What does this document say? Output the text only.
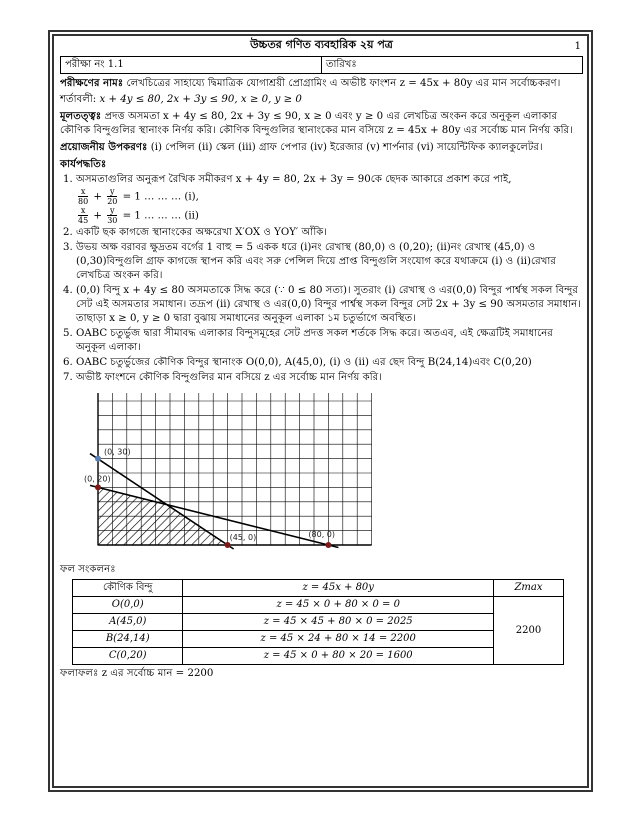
উচ্চতর গণিত ব্যবহারিক ২য় পত্র	1
পরীক্ষা নং 1.1	তারিখঃ

পরীক্ষণের নামঃ লেখচিত্রের সাহায্যে দ্বিমাত্রিক যোগাশ্রয়ী প্রোগ্রামিং এ অভীষ্ট ফাংশন z = 45x + 80y এর মান সর্বোচ্চকরণ।

শর্তাবলী: x + 4y ≤ 80, 2x + 3y ≤ 90, x ≥ 0, y ≥ 0

মূলতত্ত্বঃ প্রদত্ত অসমতা x + 4y ≤ 80, 2x + 3y ≤ 90, x ≥ 0 এবং y ≥ 0 এর লেখচিত্র অংকন করে অনুকূল এলাকার কৌণিক বিন্দুগুলির স্থানাংক নির্ণয় করি। কৌণিক বিন্দুগুলির স্থানাংকের মান বসিয়ে z = 45x + 80y এর সর্বোচ্চ মান নির্ণয় করি।

প্রয়োজনীয় উপকরণঃ (i) পেন্সিল (ii) স্কেল (iii) গ্রাফ পেপার (iv) ইরেজার (v) শার্পনার (vi) সায়েন্টিফিক ক্যালকুলেটর।

কার্যপদ্ধতিঃ

1. অসমতাগুলির অনুরূপ রৈখিক সমীকরণ x + 4y = 80, 2x + 3y = 90কে ছেদক আকারে প্রকাশ করে পাই,
$\frac{x}{80} + \frac{y}{20} = 1$ … … … (i),
$\frac{x}{45} + \frac{y}{30} = 1$ … … … (ii)
2. একটি ছক কাগজে স্থানাংকের অক্ষরেখা X′OX ও YOY′ আঁকি।
3. উভয় অক্ষ বরাবর ক্ষুদ্রতম বর্গের 1 বাহু = 5 একক ধরে (i)নং রেখাস্থ (80,0) ও (0,20); (ii)নং রেখাস্থ (45,0) ও (0,30)বিন্দুগুলি গ্রাফ কাগজে স্থাপন করি এবং সরু পেন্সিল দিয়ে প্রাপ্ত বিন্দুগুলি সংযোগ করে যথাক্রমে (i) ও (ii)রেখার লেখচিত্র অংকন করি।
4. (0,0) বিন্দু x + 4y ≤ 80 অসমতাকে সিদ্ধ করে (∵ 0 ≤ 80 সত্য)। সুতরাং (i) রেখাস্থ ও এর(0,0) বিন্দুর পার্শ্বস্থ সকল বিন্দুর সেট এই অসমতার সমাধান। তদ্রূপ (ii) রেখাস্থ ও এর(0,0) বিন্দুর পার্শ্বস্থ সকল বিন্দুর সেট 2x + 3y ≤ 90 অসমতার সমাধান। তাছাড়া x ≥ 0, y ≥ 0 দ্বারা বুঝায় সমাধানের অনুকূল এলাকা ১ম চতুর্ভাগে অবস্থিত।
5. OABC চতুর্ভুজ দ্বারা সীমাবদ্ধ এলাকার বিন্দুসমূহের সেট প্রদত্ত সকল শর্তকে সিদ্ধ করে। অতএব, এই ক্ষেত্রটিই সমাধানের অনুকূল এলাকা।
6. OABC চতুর্ভুজের কৌণিক বিন্দুর স্থানাংক O(0,0), A(45,0), (i) ও (ii) এর ছেদ বিন্দু B(24,14)এবং C(0,20)
7. অভীষ্ট ফাংশনে কৌণিক বিন্দুগুলির মান বসিয়ে z এর সর্বোচ্চ মান নির্ণয় করি।
(0, 30)
(0, 20)
(45, 0)	(80, 0)

ফল সংকলনঃ

কৌণিক বিন্দু	z = 45x + 80y	Zmax
O(0,0)	z = 45 × 0 + 80 × 0 = 0	2200
A(45,0)	z = 45 × 45 + 80 × 0 = 2025	
B(24,14)	z = 45 × 24 + 80 × 14 = 2200	
C(0,20)	z = 45 × 0 + 80 × 20 = 1600	

ফলাফলঃ z এর সর্বোচ্চ মান = 2200
